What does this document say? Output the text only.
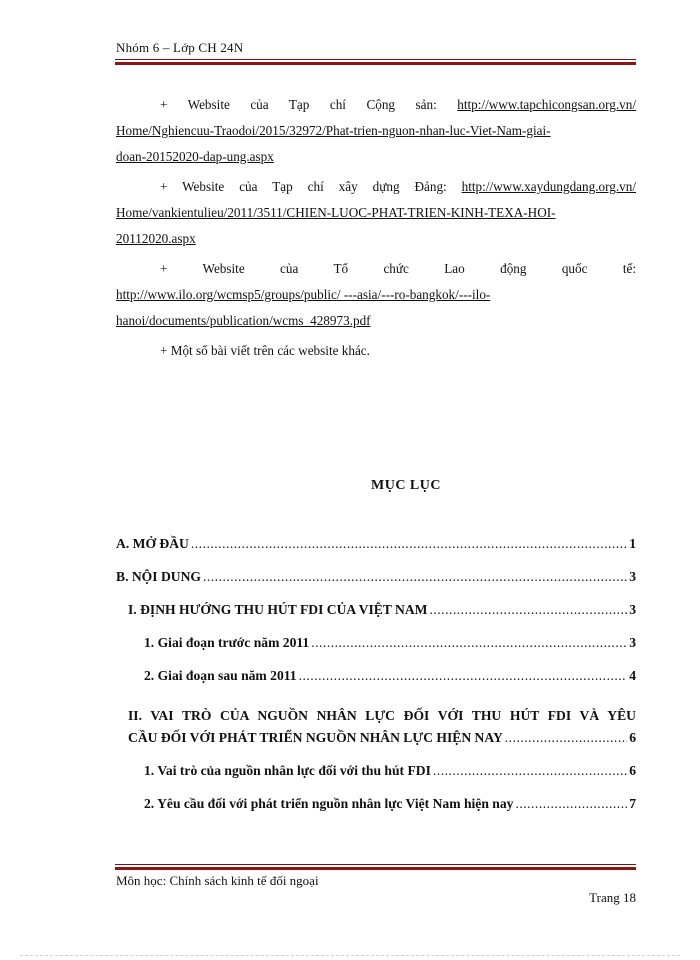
Nhóm 6 – Lớp CH 24N
+ Website của Tạp chí Cộng sản: http://www.tapchicongsan.org.vn/
Home/Nghiencuu-Traodoi/2015/32972/Phat-trien-nguon-nhan-luc-Viet-Nam-giai-
doan-20152020-dap-ung.aspx
+ Website của Tạp chí xây dựng Đảng: http://www.xaydungdang.org.vn/
Home/vankientulieu/2011/3511/CHIEN-LUOC-PHAT-TRIEN-KINH-TEXA-HOI-
20112020.aspx
+ Website của Tổ chức Lao động quốc tế:
http://www.ilo.org/wcmsp5/groups/public/ ---asia/---ro-bangkok/---ilo-
hanoi/documents/publication/wcms_428973.pdf
+ Một số bài viết trên các website khác.
MỤC LỤC
A. MỞ ĐẦU .....	1
B. NỘI DUNG .....	3
I. ĐỊNH HƯỚNG THU HÚT FDI CỦA VIỆT NAM .....	3
1. Giai đoạn trước năm 2011 .....	3
2. Giai đoạn sau năm 2011 .....	4
II. VAI TRÒ CỦA NGUỒN NHÂN LỰC ĐỐI VỚI THU HÚT FDI VÀ YÊU
CẦU ĐỐI VỚI PHÁT TRIỂN NGUỒN NHÂN LỰC HIỆN NAY .....	6
1. Vai trò của nguồn nhân lực đối với thu hút FDI .....	6
2. Yêu cầu đối với phát triển nguồn nhân lực Việt Nam hiện nay .....	7
Môn học: Chính sách kinh tế đối ngoại
Trang 18
